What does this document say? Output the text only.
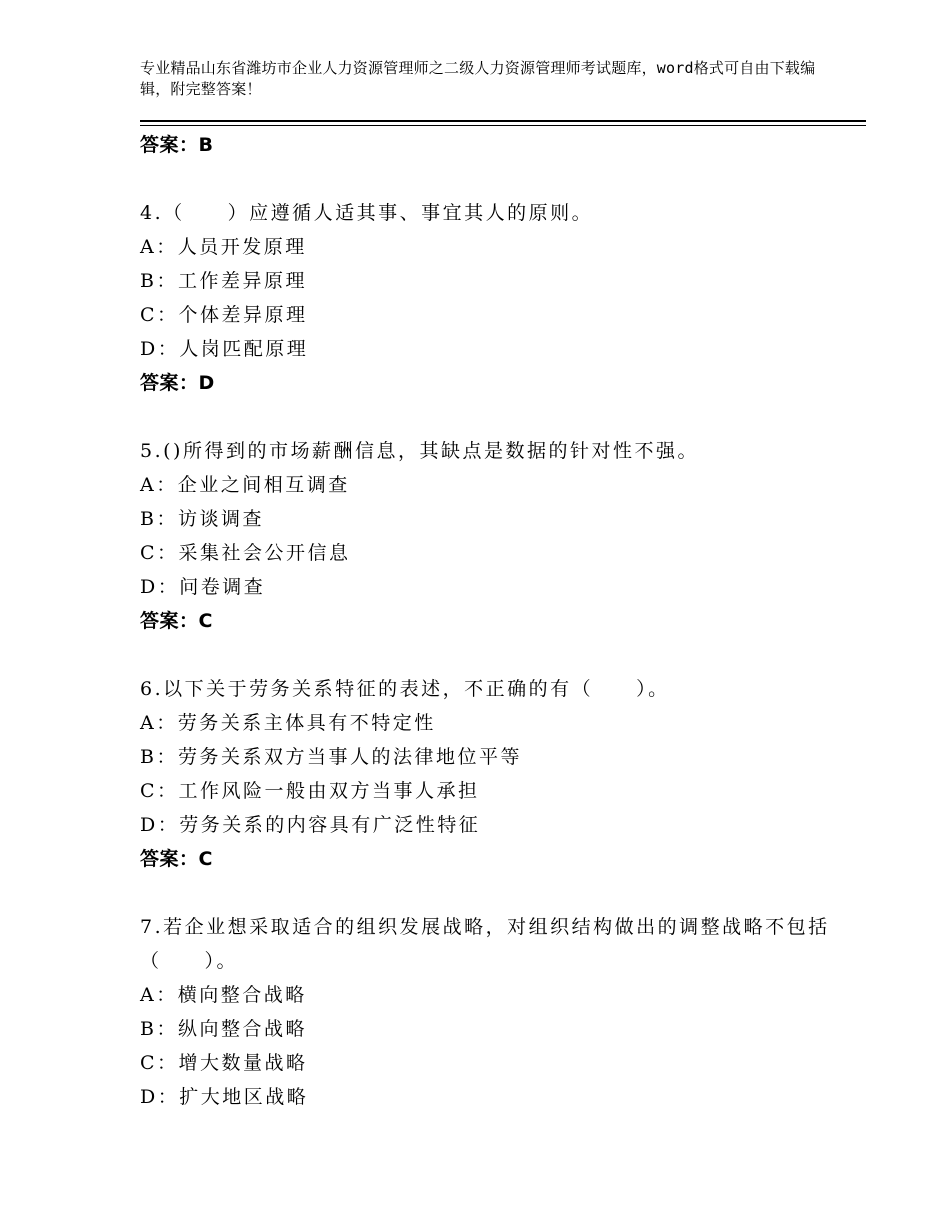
专业精品山东省潍坊市企业人力资源管理师之二级人力资源管理师考试题库，word格式可自由下载编辑，附完整答案！
答案：B
4.（　　）应遵循人适其事、事宜其人的原则。
A：人员开发原理
B：工作差异原理
C：个体差异原理
D：人岗匹配原理
答案：D
5.()所得到的市场薪酬信息，其缺点是数据的针对性不强。
A：企业之间相互调查
B：访谈调查
C：采集社会公开信息
D：问卷调查
答案：C
6.以下关于劳务关系特征的表述，不正确的有（　　）。
A：劳务关系主体具有不特定性
B：劳务关系双方当事人的法律地位平等
C：工作风险一般由双方当事人承担
D：劳务关系的内容具有广泛性特征
答案：C
7.若企业想采取适合的组织发展战略，对组织结构做出的调整战略不包括（　　）。
A：横向整合战略
B：纵向整合战略
C：增大数量战略
D：扩大地区战略
